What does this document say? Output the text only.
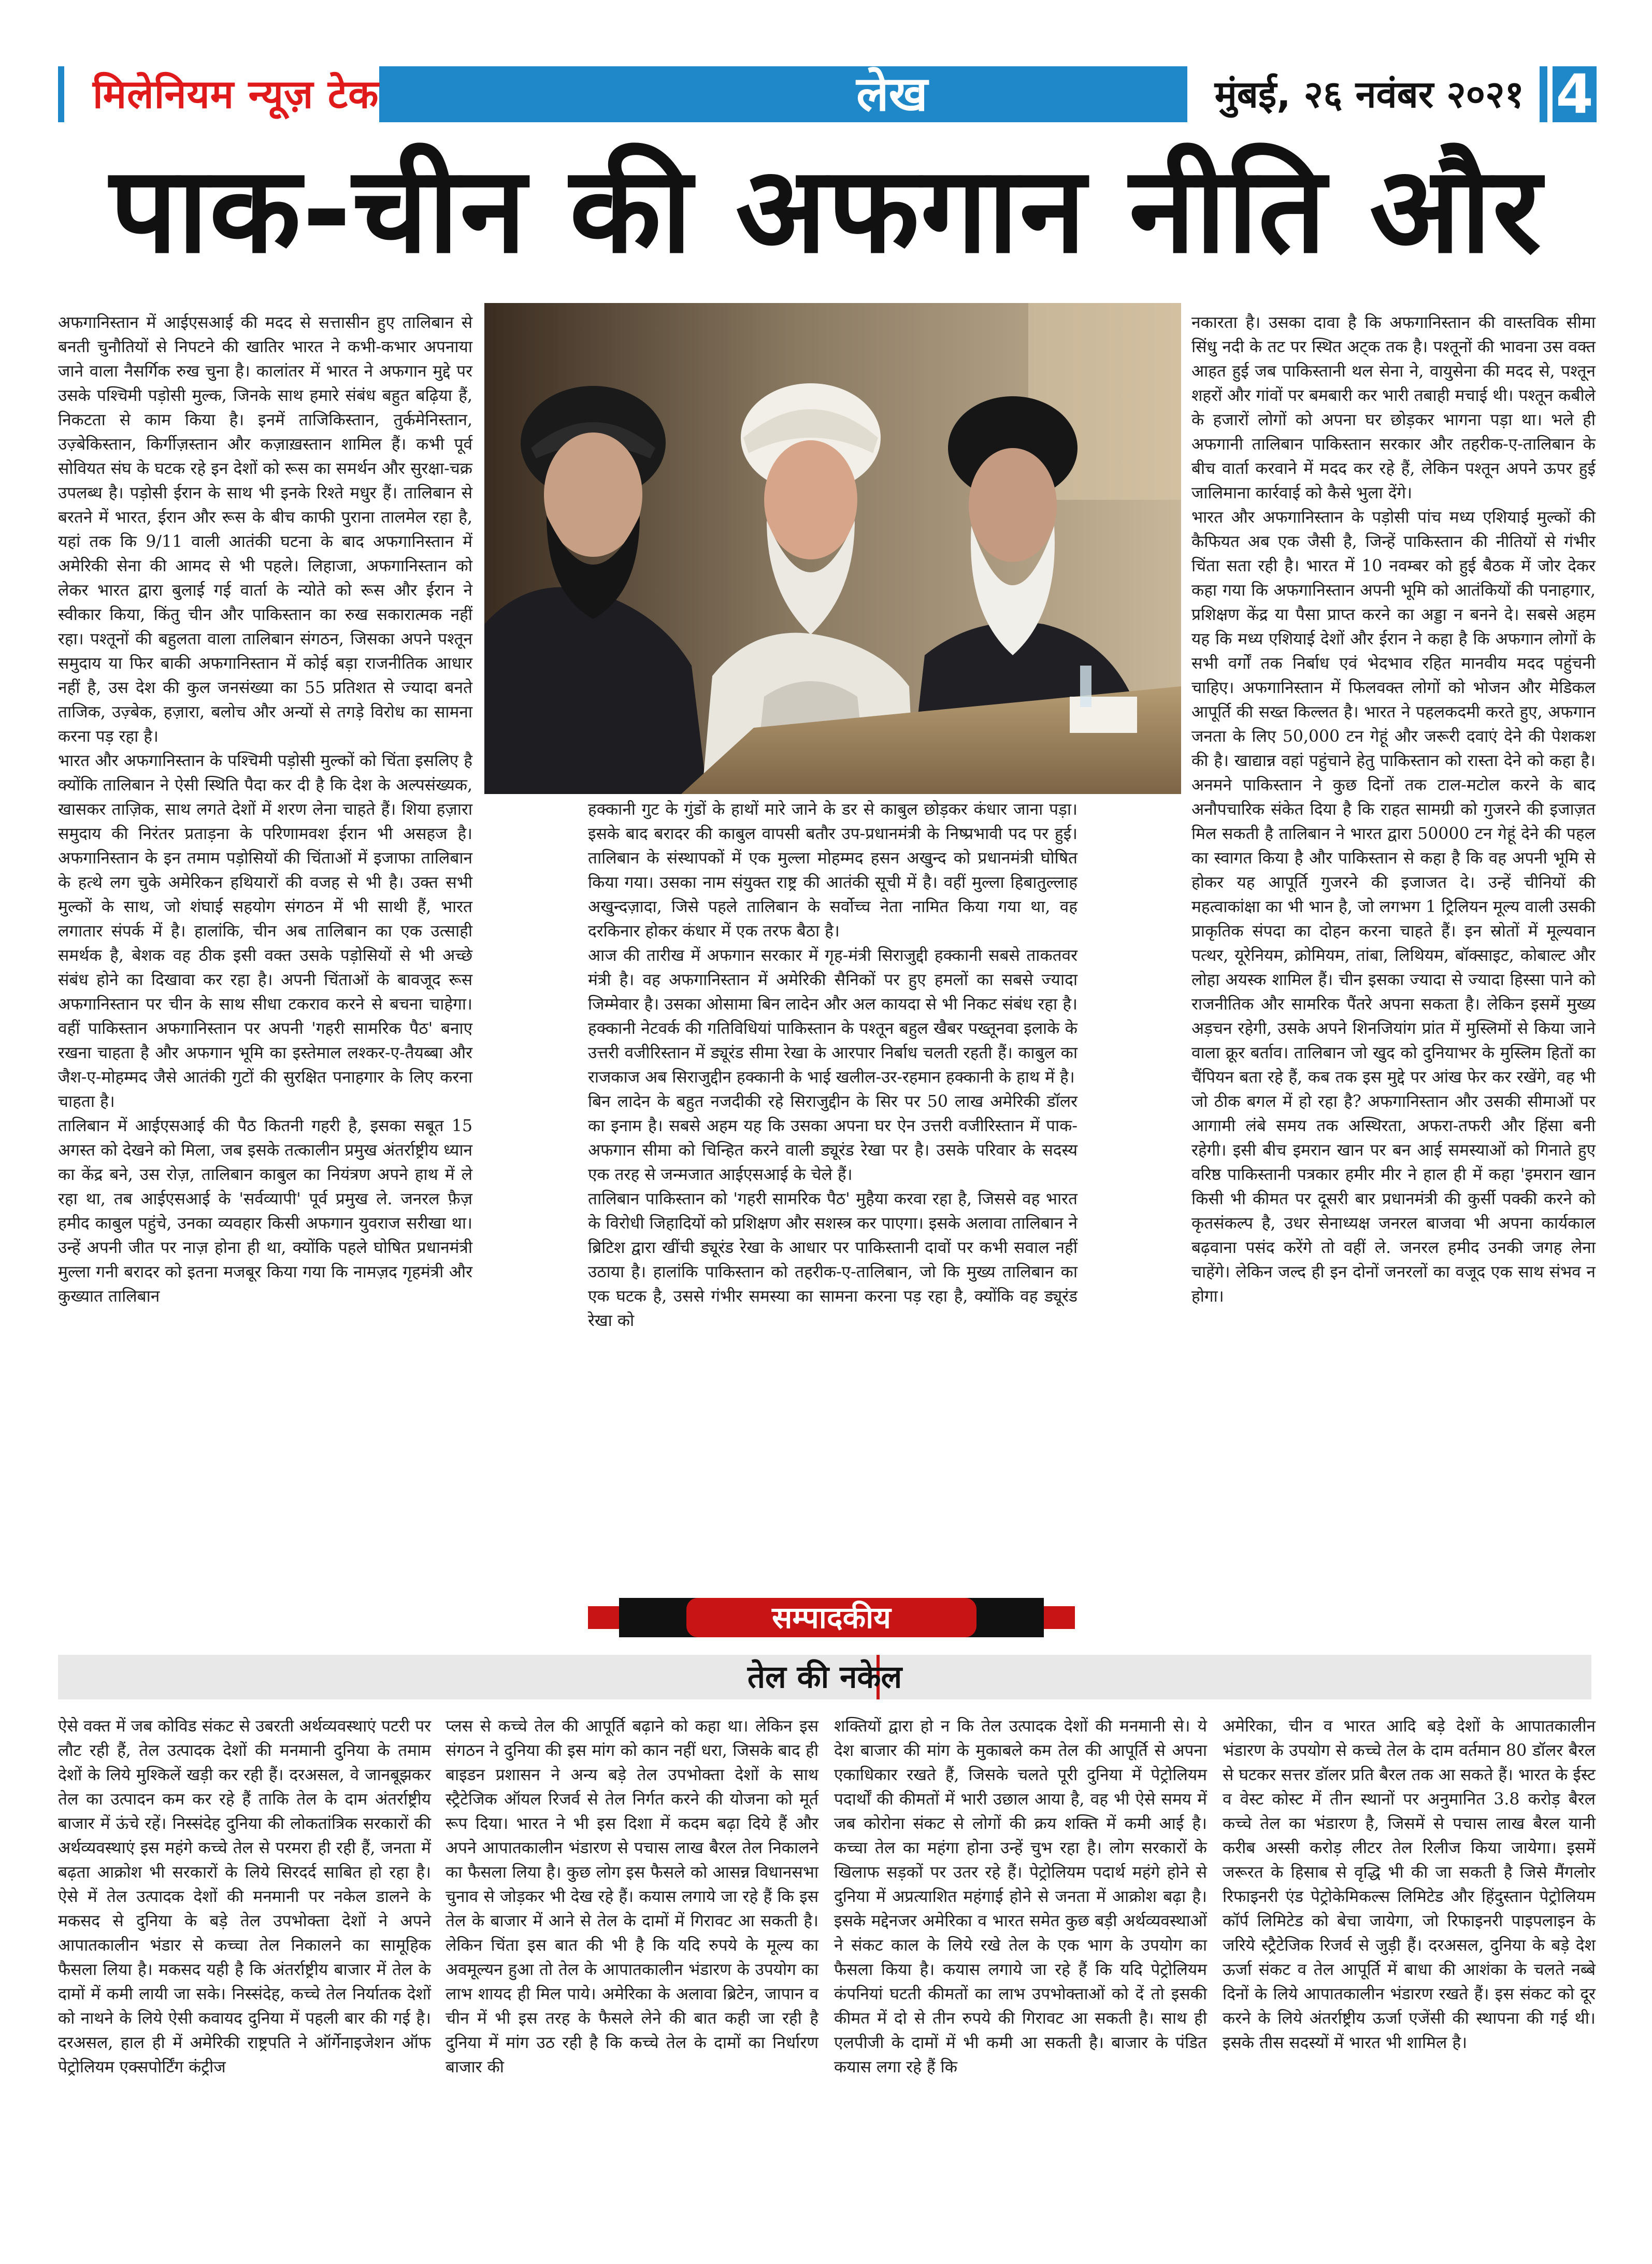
मिलेनियम न्यूज़ टेक	लेख	मुंबई, २६ नवंबर २०२१ 4
पाक-चीन की अफगान नीति और

अफगानिस्तान में आईएसआई की मदद से सत्तासीन हुए तालिबान से बनती चुनौतियों से निपटने की खातिर भारत ने कभी-कभार अपनाया जाने वाला नैसर्गिक रुख चुना है। कालांतर में भारत ने अफगान मुद्दे पर उसके पश्चिमी पड़ोसी मुल्क, जिनके साथ हमारे संबंध बहुत बढ़िया हैं, निकटता से काम किया है। इनमें ताजिकिस्तान, तुर्कमेनिस्तान, उज़्बेकिस्तान, किर्गीज़स्तान और कज़ाख़स्तान शामिल हैं। कभी पूर्व सोवियत संघ के घटक रहे इन देशों को रूस का समर्थन और सुरक्षा-चक्र उपलब्ध है। पड़ोसी ईरान के साथ भी इनके रिश्ते मधुर हैं। तालिबान से बरतने में भारत, ईरान और रूस के बीच काफी पुराना तालमेल रहा है, यहां तक कि 9/11 वाली आतंकी घटना के बाद अफगानिस्तान में अमेरिकी सेना की आमद से भी पहले। लिहाजा, अफगानिस्तान को लेकर भारत द्वारा बुलाई गई वार्ता के न्योते को रूस और ईरान ने स्वीकार किया, किंतु चीन और पाकिस्तान का रुख सकारात्मक नहीं रहा। पश्तूनों की बहुलता वाला तालिबान संगठन, जिसका अपने पश्तून समुदाय या फिर बाकी अफगानिस्तान में कोई बड़ा राजनीतिक आधार नहीं है, उस देश की कुल जनसंख्या का 55 प्रतिशत से ज्यादा बनते ताजिक, उज़्बेक, हज़ारा, बलोच और अन्यों से तगड़े विरोध का सामना करना पड़ रहा है।

भारत और अफगानिस्तान के पश्चिमी पड़ोसी मुल्कों को चिंता इसलिए है क्योंकि तालिबान ने ऐसी स्थिति पैदा कर दी है कि देश के अल्पसंख्यक, खासकर ताज़िक, साथ लगते देशों में शरण लेना चाहते हैं। शिया हज़ारा समुदाय की निरंतर प्रताड़ना के परिणामवश ईरान भी असहज है। अफगानिस्तान के इन तमाम पड़ोसियों की चिंताओं में इजाफा तालिबान के हत्थे लग चुके अमेरिकन हथियारों की वजह से भी है। उक्त सभी मुल्कों के साथ, जो शंघाई सहयोग संगठन में भी साथी हैं, भारत लगातार संपर्क में है। हालांकि, चीन अब तालिबान का एक उत्साही समर्थक है, बेशक वह ठीक इसी वक्त उसके पड़ोसियों से भी अच्छे संबंध होने का दिखावा कर रहा है। अपनी चिंताओं के बावजूद रूस अफगानिस्तान पर चीन के साथ सीधा टकराव करने से बचना चाहेगा। वहीं पाकिस्तान अफगानिस्तान पर अपनी 'गहरी सामरिक पैठ' बनाए रखना चाहता है और अफगान भूमि का इस्तेमाल लश्कर-ए-तैयब्बा और जैश-ए-मोहम्मद जैसे आतंकी गुटों की सुरक्षित पनाहगार के लिए करना चाहता है।

तालिबान में आईएसआई की पैठ कितनी गहरी है, इसका सबूत 15 अगस्त को देखने को मिला, जब इसके तत्कालीन प्रमुख अंतर्राष्ट्रीय ध्यान का केंद्र बने, उस रोज़, तालिबान काबुल का नियंत्रण अपने हाथ में ले रहा था, तब आईएसआई के 'सर्वव्यापी' पूर्व प्रमुख ले. जनरल फ़ैज़ हमीद काबुल पहुंचे, उनका व्यवहार किसी अफगान युवराज सरीखा था। उन्हें अपनी जीत पर नाज़ होना ही था, क्योंकि पहले घोषित प्रधानमंत्री मुल्ला गनी बरादर को इतना मजबूर किया गया कि नामज़द गृहमंत्री और कुख्यात तालिबान

हक्कानी गुट के गुंडों के हाथों मारे जाने के डर से काबुल छोड़कर कंधार जाना पड़ा। इसके बाद बरादर की काबुल वापसी बतौर उप-प्रधानमंत्री के निष्प्रभावी पद पर हुई। तालिबान के संस्थापकों में एक मुल्ला मोहम्मद हसन अखुन्द को प्रधानमंत्री घोषित किया गया। उसका नाम संयुक्त राष्ट्र की आतंकी सूची में है। वहीं मुल्ला हिबातुल्लाह अखुन्दज़ादा, जिसे पहले तालिबान के सर्वोच्च नेता नामित किया गया था, वह दरकिनार होकर कंधार में एक तरफ बैठा है।

आज की तारीख में अफगान सरकार में गृह-मंत्री सिराजुद्दी हक्कानी सबसे ताकतवर मंत्री है। वह अफगानिस्तान में अमेरिकी सैनिकों पर हुए हमलों का सबसे ज्यादा जिम्मेवार है। उसका ओसामा बिन लादेन और अल कायदा से भी निकट संबंध रहा है। हक्कानी नेटवर्क की गतिविधियां पाकिस्तान के पश्तून बहुल खैबर पख्तूनवा इलाके के उत्तरी वजीरिस्तान में ड्यूरंड सीमा रेखा के आरपार निर्बाध चलती रहती हैं। काबुल का राजकाज अब सिराजुद्दीन हक्कानी के भाई खलील-उर-रहमान हक्कानी के हाथ में है।

बिन लादेन के बहुत नजदीकी रहे सिराजुद्दीन के सिर पर 50 लाख अमेरिकी डॉलर का इनाम है। सबसे अहम यह कि उसका अपना घर ऐन उत्तरी वजीरिस्तान में पाक-अफगान सीमा को चिन्हित करने वाली ड्यूरंड रेखा पर है। उसके परिवार के सदस्य एक तरह से जन्मजात आईएसआई के चेले हैं।

तालिबान पाकिस्तान को 'गहरी सामरिक पैठ' मुहैया करवा रहा है, जिससे वह भारत के विरोधी जिहादियों को प्रशिक्षण और सशस्त्र कर पाएगा। इसके अलावा तालिबान ने ब्रिटिश द्वारा खींची ड्यूरंड रेखा के आधार पर पाकिस्तानी दावों पर कभी सवाल नहीं उठाया है। हालांकि पाकिस्तान को तहरीक-ए-तालिबान, जो कि मुख्य तालिबान का एक घटक है, उससे गंभीर समस्या का सामना करना पड़ रहा है, क्योंकि वह ड्यूरंड रेखा को

नकारता है। उसका दावा है कि अफगानिस्तान की वास्तविक सीमा सिंधु नदी के तट पर स्थित अट्क तक है। पश्तूनों की भावना उस वक्त आहत हुई जब पाकिस्तानी थल सेना ने, वायुसेना की मदद से, पश्तून शहरों और गांवों पर बमबारी कर भारी तबाही मचाई थी। पश्तून कबीले के हजारों लोगों को अपना घर छोड़कर भागना पड़ा था। भले ही अफगानी तालिबान पाकिस्तान सरकार और तहरीक-ए-तालिबान के बीच वार्ता करवाने में मदद कर रहे हैं, लेकिन पश्तून अपने ऊपर हुई जालिमाना कार्रवाई को कैसे भुला देंगे।

भारत और अफगानिस्तान के पड़ोसी पांच मध्य एशियाई मुल्कों की कैफियत अब एक जैसी है, जिन्हें पाकिस्तान की नीतियों से गंभीर चिंता सता रही है। भारत में 10 नवम्बर को हुई बैठक में जोर देकर कहा गया कि अफगानिस्तान अपनी भूमि को आतंकियों की पनाहगार, प्रशिक्षण केंद्र या पैसा प्राप्त करने का अड्डा न बनने दे। सबसे अहम यह कि मध्य एशियाई देशों और ईरान ने कहा है कि अफगान लोगों के सभी वर्गों तक निर्बाध एवं भेदभाव रहित मानवीय मदद पहुंचनी चाहिए। अफगानिस्तान में फिलवक्त लोगों को भोजन और मेडिकल आपूर्ति की सख्त किल्लत है। भारत ने पहलकदमी करते हुए, अफगान जनता के लिए 50,000 टन गेहूं और जरूरी दवाएं देने की पेशकश की है। खाद्यान्न वहां पहुंचाने हेतु पाकिस्तान को रास्ता देने को कहा है। अनमने पाकिस्तान ने कुछ दिनों तक टाल-मटोल करने के बाद अनौपचारिक संकेत दिया है कि राहत सामग्री को गुजरने की इजाज़त मिल सकती है तालिबान ने भारत द्वारा 50000 टन गेहूं देने की पहल का स्वागत किया है और पाकिस्तान से कहा है कि वह अपनी भूमि से होकर यह आपूर्ति गुजरने की इजाजत दे। उन्हें चीनियों की महत्वाकांक्षा का भी भान है, जो लगभग 1 ट्रिलियन मूल्य वाली उसकी प्राकृतिक संपदा का दोहन करना चाहते हैं। इन स्रोतों में मूल्यवान पत्थर, यूरेनियम, क्रोमियम, तांबा, लिथियम, बॉक्साइट, कोबाल्ट और लोहा अयस्क शामिल हैं। चीन इसका ज्यादा से ज्यादा हिस्सा पाने को राजनीतिक और सामरिक पैंतरे अपना सकता है। लेकिन इसमें मुख्य अड़चन रहेगी, उसके अपने शिनजियांग प्रांत में मुस्लिमों से किया जाने वाला क्रूर बर्ताव। तालिबान जो खुद को दुनियाभर के मुस्लिम हितों का चैंपियन बता रहे हैं, कब तक इस मुद्दे पर आंख फेर कर रखेंगे, वह भी जो ठीक बगल में हो रहा है? अफगानिस्तान और उसकी सीमाओं पर आगामी लंबे समय तक अस्थिरता, अफरा-तफरी और हिंसा बनी रहेगी। इसी बीच इमरान खान पर बन आई समस्याओं को गिनाते हुए वरिष्ठ पाकिस्तानी पत्रकार हमीर मीर ने हाल ही में कहा 'इमरान खान किसी भी कीमत पर दूसरी बार प्रधानमंत्री की कुर्सी पक्की करने को कृतसंकल्प है, उधर सेनाध्यक्ष जनरल बाजवा भी अपना कार्यकाल बढ़वाना पसंद करेंगे तो वहीं ले. जनरल हमीद उनकी जगह लेना चाहेंगे। लेकिन जल्द ही इन दोनों जनरलों का वजूद एक साथ संभव न होगा।

सम्पादकीय
तेल की नकेल

ऐसे वक्त में जब कोविड संकट से उबरती अर्थव्यवस्थाएं पटरी पर लौट रही हैं, तेल उत्पादक देशों की मनमानी दुनिया के तमाम देशों के लिये मुश्किलें खड़ी कर रही हैं। दरअसल, वे जानबूझकर तेल का उत्पादन कम कर रहे हैं ताकि तेल के दाम अंतर्राष्ट्रीय बाजार में ऊंचे रहें। निस्संदेह दुनिया की लोकतांत्रिक सरकारों की अर्थव्यवस्थाएं इस महंगे कच्चे तेल से परमरा ही रही हैं, जनता में बढ़ता आक्रोश भी सरकारों के लिये सिरदर्द साबित हो रहा है। ऐसे में तेल उत्पादक देशों की मनमानी पर नकेल डालने के मकसद से दुनिया के बड़े तेल उपभोक्ता देशों ने अपने आपातकालीन भंडार से कच्चा तेल निकालने का सामूहिक फैसला लिया है। मकसद यही है कि अंतर्राष्ट्रीय बाजार में तेल के दामों में कमी लायी जा सके। निस्संदेह, कच्चे तेल निर्यातक देशों को नाथने के लिये ऐसी कवायद दुनिया में पहली बार की गई है। दरअसल, हाल ही में अमेरिकी राष्ट्रपति ने ऑर्गेनाइजेशन ऑफ पेट्रोलियम एक्सपोर्टिंग कंट्रीज

प्लस से कच्चे तेल की आपूर्ति बढ़ाने को कहा था। लेकिन इस संगठन ने दुनिया की इस मांग को कान नहीं धरा, जिसके बाद ही बाइडन प्रशासन ने अन्य बड़े तेल उपभोक्ता देशों के साथ स्ट्रैटेजिक ऑयल रिजर्व से तेल निर्गत करने की योजना को मूर्त रूप दिया। भारत ने भी इस दिशा में कदम बढ़ा दिये हैं और अपने आपातकालीन भंडारण से पचास लाख बैरल तेल निकालने का फैसला लिया है। कुछ लोग इस फैसले को आसन्न विधानसभा चुनाव से जोड़कर भी देख रहे हैं। कयास लगाये जा रहे हैं कि इस तेल के बाजार में आने से तेल के दामों में गिरावट आ सकती है। लेकिन चिंता इस बात की भी है कि यदि रुपये के मूल्य का अवमूल्यन हुआ तो तेल के आपातकालीन भंडारण के उपयोग का लाभ शायद ही मिल पाये। अमेरिका के अलावा ब्रिटेन, जापान व चीन में भी इस तरह के फैसले लेने की बात कही जा रही है दुनिया में मांग उठ रही है कि कच्चे तेल के दामों का निर्धारण बाजार की

शक्तियों द्वारा हो न कि तेल उत्पादक देशों की मनमानी से। ये देश बाजार की मांग के मुकाबले कम तेल की आपूर्ति से अपना एकाधिकार रखते हैं, जिसके चलते पूरी दुनिया में पेट्रोलियम पदार्थों की कीमतों में भारी उछाल आया है, वह भी ऐसे समय में जब कोरोना संकट से लोगों की क्रय शक्ति में कमी आई है। कच्चा तेल का महंगा होना उन्हें चुभ रहा है। लोग सरकारों के खिलाफ सड़कों पर उतर रहे हैं। पेट्रोलियम पदार्थ महंगे होने से दुनिया में अप्रत्याशित महंगाई होने से जनता में आक्रोश बढ़ा है। इसके मद्देनजर अमेरिका व भारत समेत कुछ बड़ी अर्थव्यवस्थाओं ने संकट काल के लिये रखे तेल के एक भाग के उपयोग का फैसला किया है। कयास लगाये जा रहे हैं कि यदि पेट्रोलियम कंपनियां घटती कीमतों का लाभ उपभोक्ताओं को दें तो इसकी कीमत में दो से तीन रुपये की गिरावट आ सकती है। साथ ही एलपीजी के दामों में भी कमी आ सकती है। बाजार के पंडित कयास लगा रहे हैं कि

अमेरिका, चीन व भारत आदि बड़े देशों के आपातकालीन भंडारण के उपयोग से कच्चे तेल के दाम वर्तमान 80 डॉलर बैरल से घटकर सत्तर डॉलर प्रति बैरल तक आ सकते हैं। भारत के ईस्ट व वेस्ट कोस्ट में तीन स्थानों पर अनुमानित 3.8 करोड़ बैरल कच्चे तेल का भंडारण है, जिसमें से पचास लाख बैरल यानी करीब अस्सी करोड़ लीटर तेल रिलीज किया जायेगा। इसमें जरूरत के हिसाब से वृद्धि भी की जा सकती है जिसे मैंगलोर रिफाइनरी एंड पेट्रोकेमिकल्स लिमिटेड और हिंदुस्तान पेट्रोलियम कॉर्प लिमिटेड को बेचा जायेगा, जो रिफाइनरी पाइपलाइन के जरिये स्ट्रैटेजिक रिजर्व से जुड़ी हैं। दरअसल, दुनिया के बड़े देश ऊर्जा संकट व तेल आपूर्ति में बाधा की आशंका के चलते नब्बे दिनों के लिये आपातकालीन भंडारण रखते हैं। इस संकट को दूर करने के लिये अंतर्राष्ट्रीय ऊर्जा एजेंसी की स्थापना की गई थी। इसके तीस सदस्यों में भारत भी शामिल है।
